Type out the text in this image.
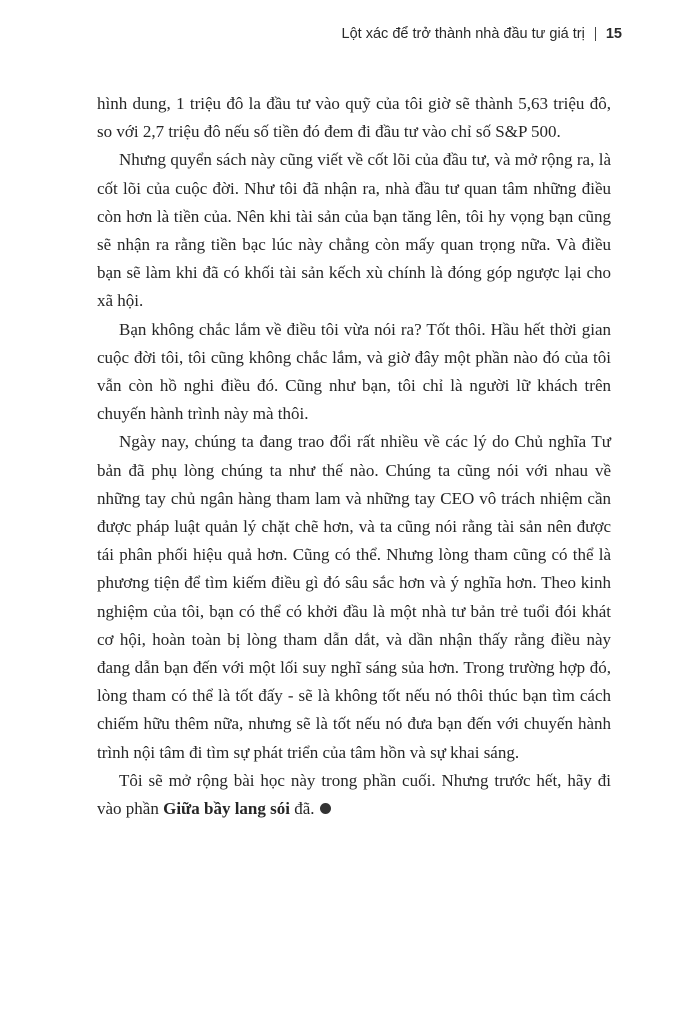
Lột xác để trở thành nhà đầu tư giá trị 15

hình dung, 1 triệu đô la đầu tư vào quỹ của tôi giờ sẽ thành 5,63 triệu đô, so với 2,7 triệu đô nếu số tiền đó đem đi đầu tư vào chỉ số S&P 500.

Nhưng quyển sách này cũng viết về cốt lõi của đầu tư, và mở rộng ra, là cốt lõi của cuộc đời. Như tôi đã nhận ra, nhà đầu tư quan tâm những điều còn hơn là tiền của. Nên khi tài sản của bạn tăng lên, tôi hy vọng bạn cũng sẽ nhận ra rằng tiền bạc lúc này chẳng còn mấy quan trọng nữa. Và điều bạn sẽ làm khi đã có khối tài sản kếch xù chính là đóng góp ngược lại cho xã hội.

Bạn không chắc lắm về điều tôi vừa nói ra? Tốt thôi. Hầu hết thời gian cuộc đời tôi, tôi cũng không chắc lắm, và giờ đây một phần nào đó của tôi vẫn còn hồ nghi điều đó. Cũng như bạn, tôi chỉ là người lữ khách trên chuyến hành trình này mà thôi.

Ngày nay, chúng ta đang trao đổi rất nhiều về các lý do Chủ nghĩa Tư bản đã phụ lòng chúng ta như thế nào. Chúng ta cũng nói với nhau về những tay chủ ngân hàng tham lam và những tay CEO vô trách nhiệm cần được pháp luật quản lý chặt chẽ hơn, và ta cũng nói rằng tài sản nên được tái phân phối hiệu quả hơn. Cũng có thể. Nhưng lòng tham cũng có thể là phương tiện để tìm kiếm điều gì đó sâu sắc hơn và ý nghĩa hơn. Theo kinh nghiệm của tôi, bạn có thể có khởi đầu là một nhà tư bản trẻ tuổi đói khát cơ hội, hoàn toàn bị lòng tham dẫn dắt, và dần nhận thấy rằng điều này đang dẫn bạn đến với một lối suy nghĩ sáng sủa hơn. Trong trường hợp đó, lòng tham có thể là tốt đấy - sẽ là không tốt nếu nó thôi thúc bạn tìm cách chiếm hữu thêm nữa, nhưng sẽ là tốt nếu nó đưa bạn đến với chuyến hành trình nội tâm đi tìm sự phát triển của tâm hồn và sự khai sáng.

Tôi sẽ mở rộng bài học này trong phần cuối. Nhưng trước hết, hãy đi vào phần Giữa bầy lang sói đã.
